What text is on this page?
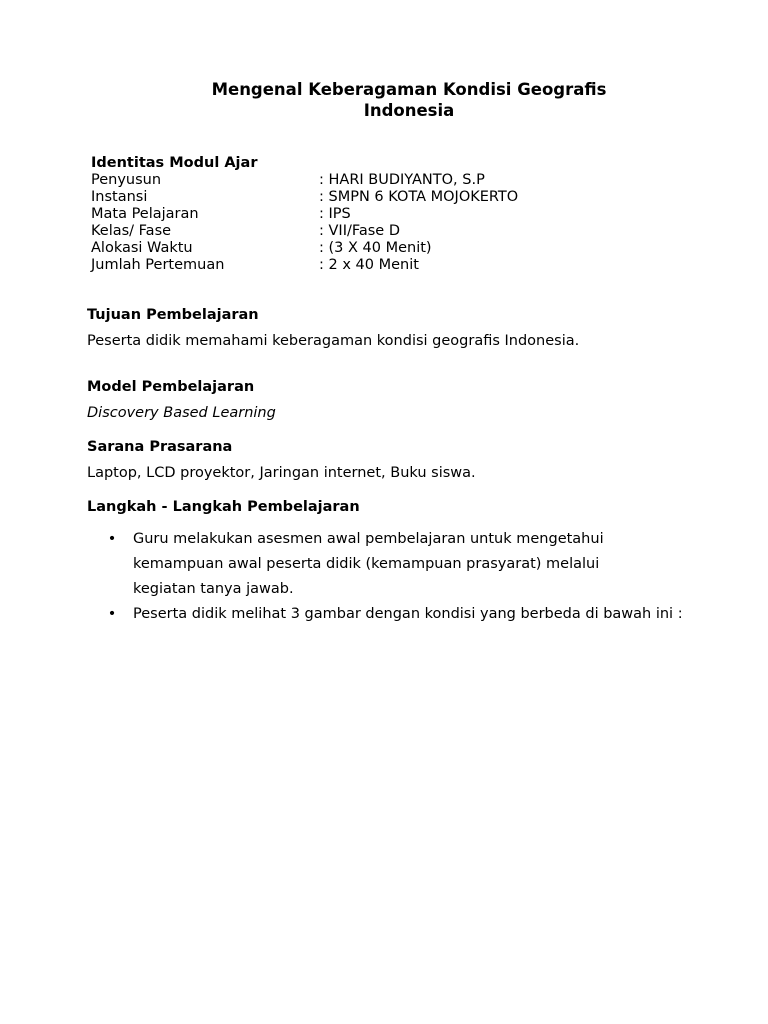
Mengenal Keberagaman Kondisi Geografis
Indonesia
Identitas Modul Ajar
Penyusun	: HARI BUDIYANTO, S.P
Instansi	: SMPN 6 KOTA MOJOKERTO
Mata Pelajaran	: IPS
Kelas/ Fase	: VII/Fase D
Alokasi Waktu	: (3 X 40 Menit)
Jumlah Pertemuan	: 2 x 40 Menit
Tujuan Pembelajaran
Peserta didik memahami keberagaman kondisi geografis Indonesia.
Model Pembelajaran
Discovery Based Learning
Sarana Prasarana
Laptop, LCD proyektor, Jaringan internet, Buku siswa.
Langkah - Langkah Pembelajaran
• Guru melakukan asesmen awal pembelajaran untuk mengetahui
kemampuan awal peserta didik (kemampuan prasyarat) melalui
kegiatan tanya jawab.
• Peserta didik melihat 3 gambar dengan kondisi yang berbeda di bawah ini :
